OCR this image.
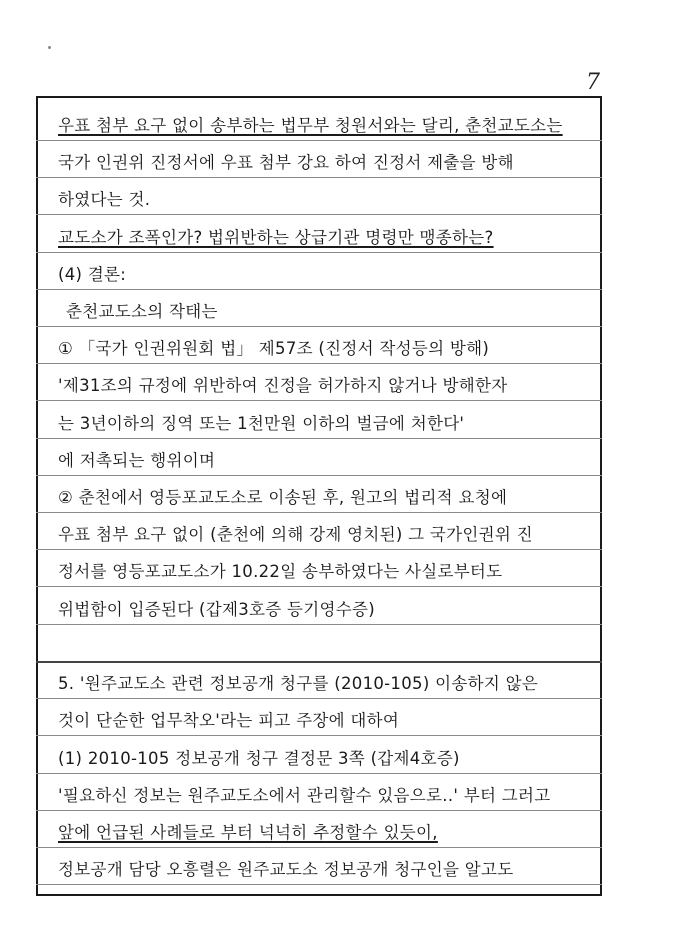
7
우표 첨부 요구 없이 송부하는 법무부 청원서와는 달리, 춘천교도소는
국가 인권위 진정서에 우표 첨부 강요 하여 진정서 제출을 방해
하였다는 것.
교도소가 조폭인가? 법위반하는 상급기관 명령만 맹종하는?
(4) 결론:
춘천교도소의 작태는
① 「국가 인권위원회 법」 제57조 (진정서 작성등의 방해)
'제31조의 규정에 위반하여 진정을 허가하지 않거나 방해한자
는 3년이하의 징역 또는 1천만원 이하의 벌금에 처한다'
에 저촉되는 행위이며
② 춘천에서 영등포교도소로 이송된 후, 원고의 법리적 요청에
우표 첨부 요구 없이 (춘천에 의해 강제 영치된) 그 국가인권위 진
정서를 영등포교도소가 10.22일 송부하였다는 사실로부터도
위법함이 입증된다 (갑제3호증 등기영수증)
5. '원주교도소 관련 정보공개 청구를 (2010-105) 이송하지 않은
것이 단순한 업무착오'라는 피고 주장에 대하여
(1) 2010-105 정보공개 청구 결정문 3쪽 (갑제4호증)
'필요하신 정보는 원주교도소에서 관리할수 있음으로..' 부터 그러고
앞에 언급된 사례들로 부터 넉넉히 추정할수 있듯이,
정보공개 담당 오흥렬은 원주교도소 정보공개 청구인을 알고도
